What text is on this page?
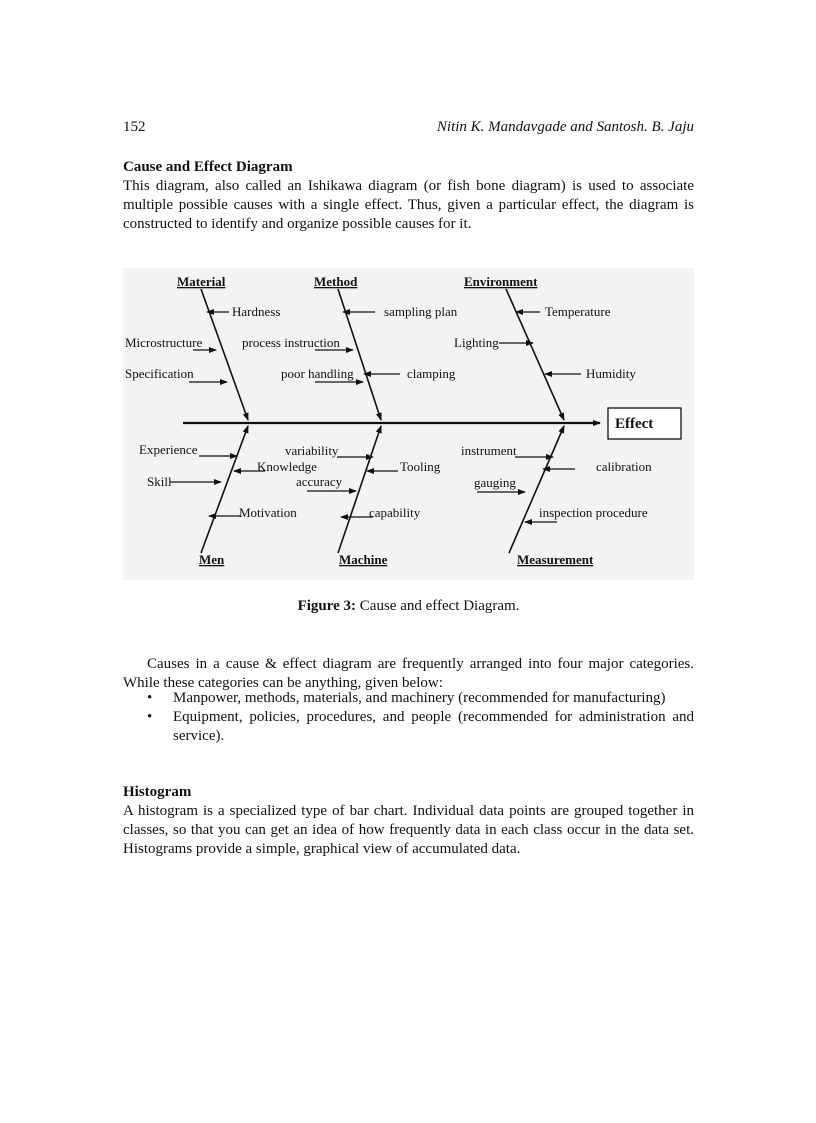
152	Nitin K. Mandavgade and Santosh. B. Jaju
Cause and Effect Diagram

This diagram, also called an Ishikawa diagram (or fish bone diagram) is used to associate multiple possible causes with a single effect. Thus, given a particular effect, the diagram is constructed to identify and organize possible causes for it.

Effect
Material	Method	Environment
Men	Machine	Measurement
Hardness
Microstructure
Specification
sampling plan
process instruction
poor handling	clamping
Temperature
Lighting
Humidity
Experience
Knowledge
Skill
Motivation
variability
Tooling
accuracy
capability
instrument
calibration
gauging
inspection procedure
Figure 3: Cause and effect Diagram.

Causes in a cause & effect diagram are frequently arranged into four major categories. While these categories can be anything, given below:

• Manpower, methods, materials, and machinery (recommended for manufacturing)
• Equipment, policies, procedures, and people (recommended for administration and service).
Histogram

A histogram is a specialized type of bar chart. Individual data points are grouped together in classes, so that you can get an idea of how frequently data in each class occur in the data set. Histograms provide a simple, graphical view of accumulated data.
